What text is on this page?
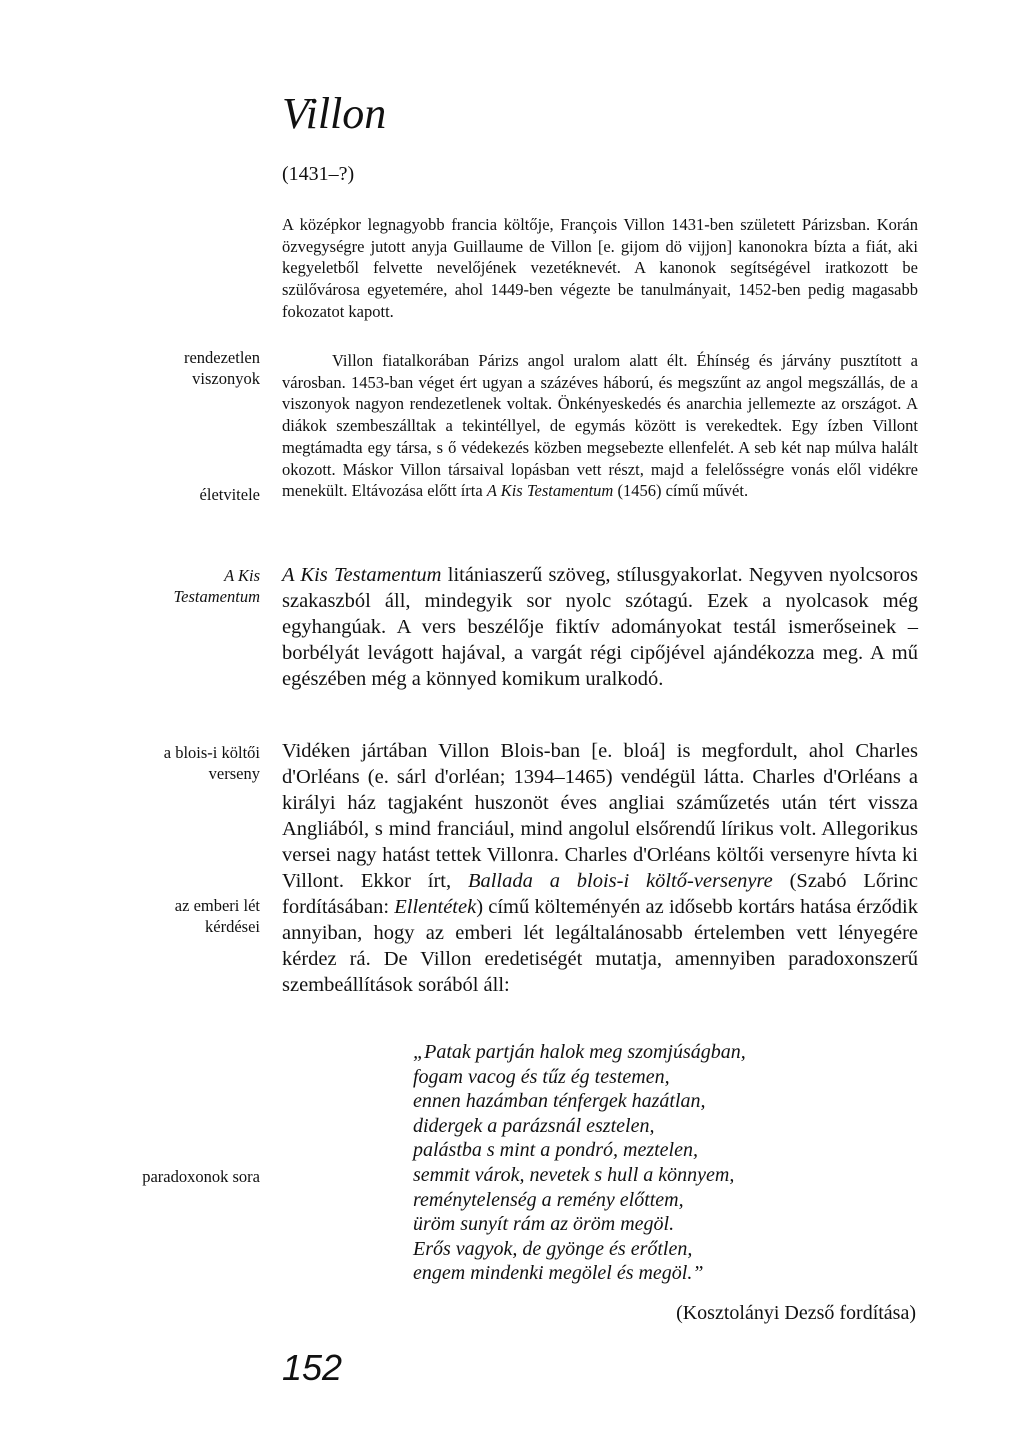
Villon
(1431–?)
rendezetlen
viszonyok
életvitele
A Kis
Testamentum
a blois-i költői
verseny
az emberi lét
kérdései
paradoxonok sora

A középkor legnagyobb francia költője, François Villon 1431-ben született Párizsban. Korán özvegységre jutott anyja Guillaume de Villon [e. gijom dö vijjon] kanonokra bízta a fiát, aki kegyeletből felvette nevelőjének vezetéknevét. A kanonok segítségével iratkozott be szülővárosa egyetemére, ahol 1449-ben végezte be tanulmányait, 1452-ben pedig magasabb fokozatot kapott.

Villon fiatalkorában Párizs angol uralom alatt élt. Éhínség és járvány pusztított a városban. 1453-ban véget ért ugyan a százéves háború, és megszűnt az angol megszállás, de a viszonyok nagyon rendezetlenek voltak. Önkényeskedés és anarchia jellemezte az országot. A diákok szembeszálltak a tekintéllyel, de egymás között is verekedtek. Egy ízben Villont megtámadta egy társa, s ő védekezés közben megsebezte ellenfelét. A seb két nap múlva halált okozott. Máskor Villon társaival lopásban vett részt, majd a felelősségre vonás elől vidékre menekült. Eltávozása előtt írta A Kis Testamentum (1456) című művét.

A Kis Testamentum litániaszerű szöveg, stílusgyakorlat. Negyven nyolcsoros szakaszból áll, mindegyik sor nyolc szótagú. Ezek a nyolcasok még egyhangúak. A vers beszélője fiktív adományokat testál ismerőseinek – borbélyát levágott hajával, a vargát régi cipőjével ajándékozza meg. A mű egészében még a könnyed komikum uralkodó.

Vidéken jártában Villon Blois-ban [e. bloá] is megfordult, ahol Charles d'Orléans (e. sárl d'orléan; 1394–1465) vendégül látta. Charles d'Orléans a királyi ház tagjaként huszonöt éves angliai száműzetés után tért vissza Angliából, s mind franciául, mind angolul elsőrendű lírikus volt. Allegorikus versei nagy hatást tettek Villonra. Charles d'Orléans költői versenyre hívta ki Villont. Ekkor írt, Ballada a blois-i költő-versenyre (Szabó Lőrinc fordításában: Ellentétek) című költeményén az idősebb kortárs hatása érződik annyiban, hogy az emberi lét legáltalánosabb értelemben vett lényegére kérdez rá. De Villon eredetiségét mutatja, amennyiben paradoxonszerű szembeállítások sorából áll:

„Patak partján halok meg szomjúságban,
fogam vacog és tűz ég testemen,
ennen hazámban ténfergek hazátlan,
didergek a parázsnál esztelen,
palástba s mint a pondró, meztelen,
semmit várok, nevetek s hull a könnyem,
reménytelenség a remény előttem,
üröm sunyít rám az öröm megöl.
Erős vagyok, de gyönge és erőtlen,
engem mindenki megölel és megöl.”
(Kosztolányi Dezső fordítása)
152
